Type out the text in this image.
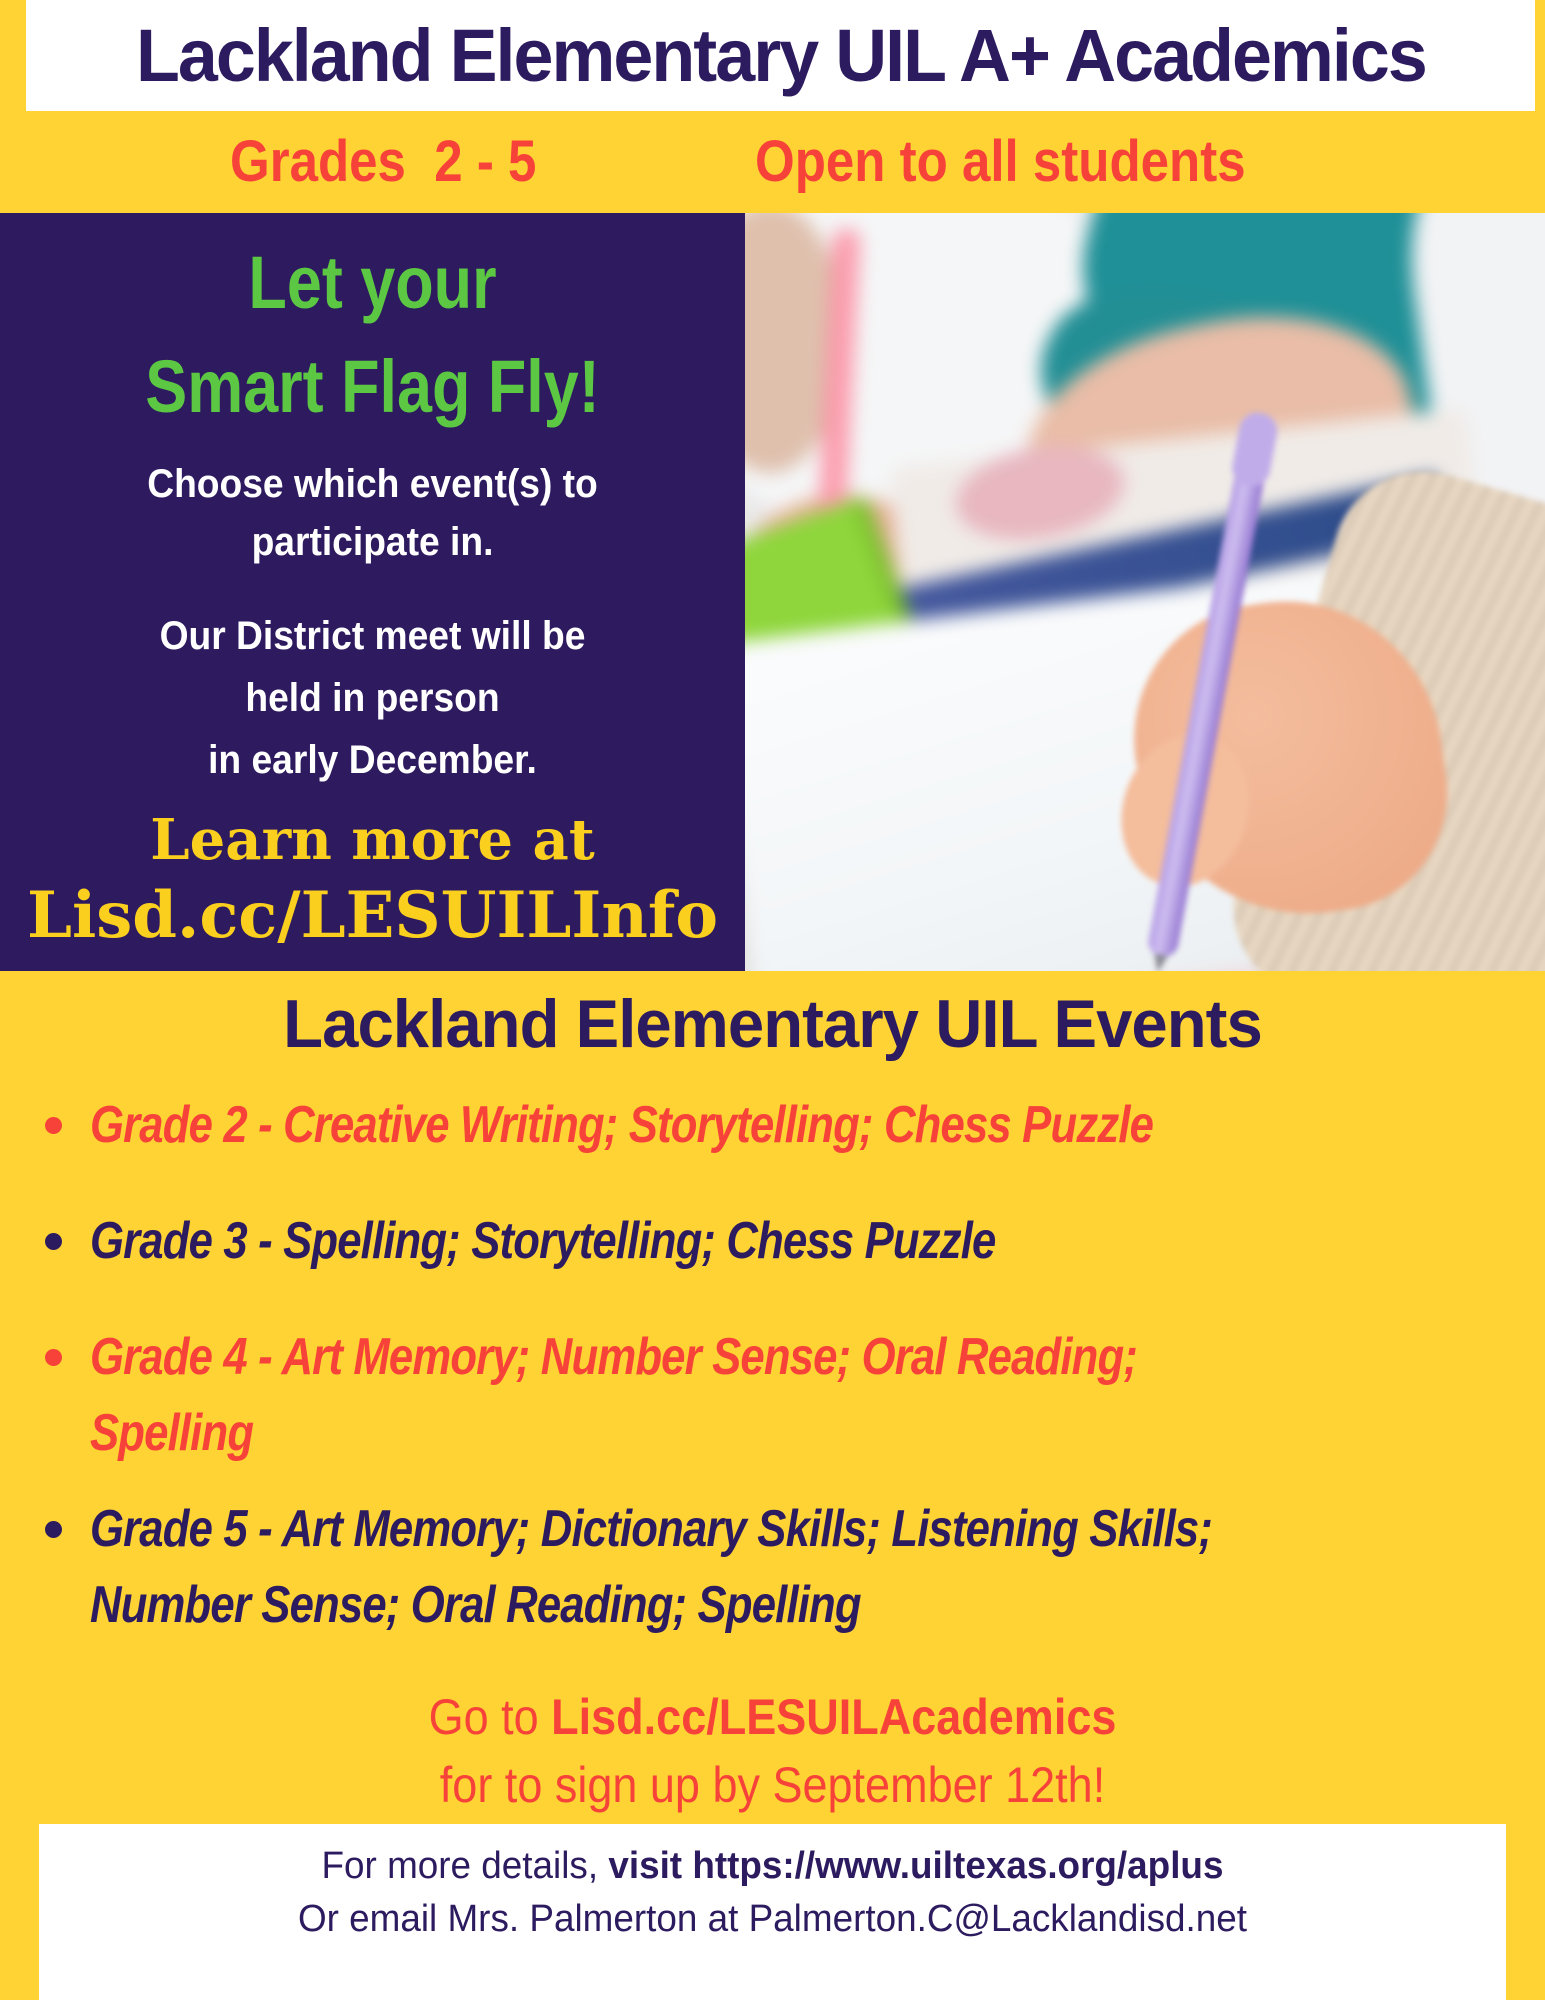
Lackland Elementary UIL A+ Academics
Grades  2 - 5	Open to all students
Let your
Smart Flag Fly!
Choose which event(s) to
participate in.
Our District meet will be
held in person
in early December.
Learn more at
Lisd.cc/LESUILInfo
Lackland Elementary UIL Events
Grade 2 - Creative Writing; Storytelling; Chess Puzzle
Grade 3 - Spelling; Storytelling; Chess Puzzle
Grade 4 - Art Memory; Number Sense; Oral Reading;
Spelling
Grade 5 - Art Memory; Dictionary Skills; Listening Skills;
Number Sense; Oral Reading; Spelling
Go to Lisd.cc/LESUILAcademics
for to sign up by September 12th!
For more details, visit https://www.uiltexas.org/aplus
Or email Mrs. Palmerton at Palmerton.C@Lacklandisd.net
